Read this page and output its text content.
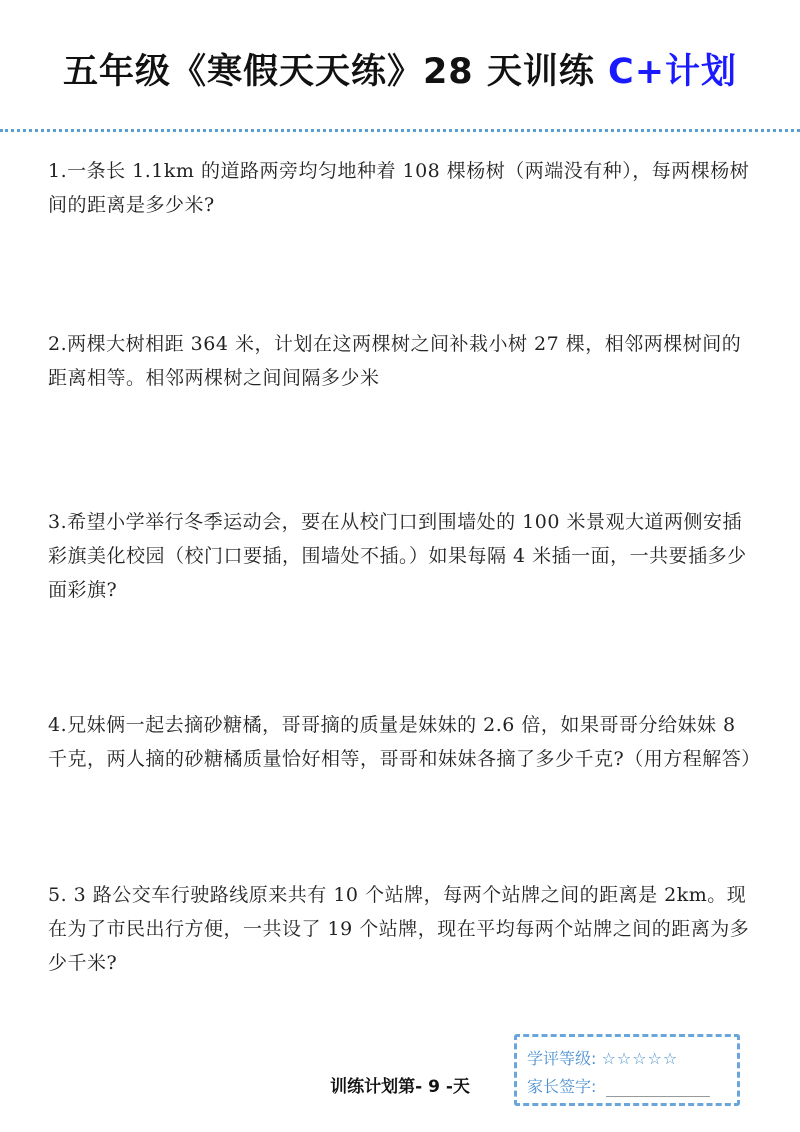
五年级《寒假天天练》28 天训练 C+计划
1.一条长 1.1km 的道路两旁均匀地种着 108 棵杨树（两端没有种），每两棵杨树间的距离是多少米?
2.两棵大树相距 364 米，计划在这两棵树之间补栽小树 27 棵，相邻两棵树间的距离相等。相邻两棵树之间间隔多少米
3.希望小学举行冬季运动会，要在从校门口到围墙处的 100 米景观大道两侧安插彩旗美化校园（校门口要插，围墙处不插。）如果每隔 4 米插一面，一共要插多少面彩旗?
4.兄妹俩一起去摘砂糖橘，哥哥摘的质量是妹妹的 2.6 倍，如果哥哥分给妹妹 8 千克，两人摘的砂糖橘质量恰好相等，哥哥和妹妹各摘了多少千克?（用方程解答）
5. 3 路公交车行驶路线原来共有 10 个站牌，每两个站牌之间的距离是 2km。现在为了市民出行方便，一共设了 19 个站牌，现在平均每两个站牌之间的距离为多少千米?
训练计划第- 9 -天
学评等级: ☆☆☆☆☆
家长签字:
